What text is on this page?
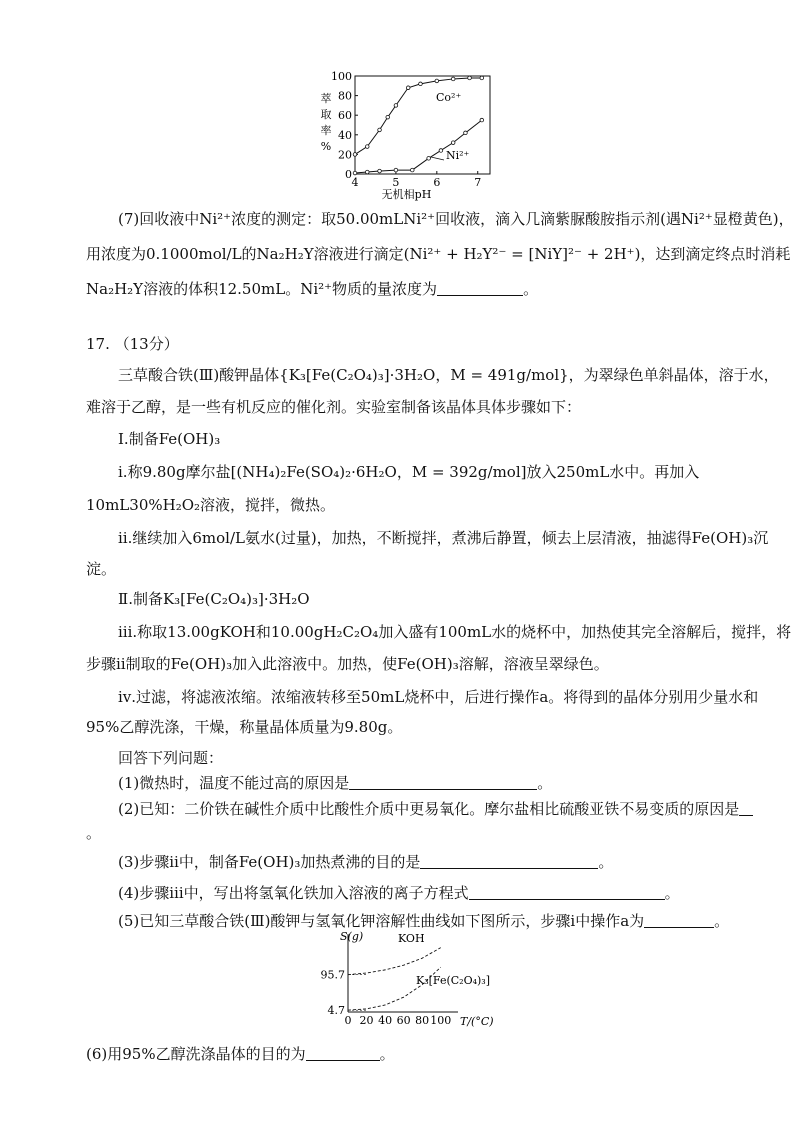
0
20
40
60
80
100
4	5	6	7
萃
取
率
%
无机相pH
Co²⁺
Ni²⁺
(7)回收液中Ni²⁺浓度的测定：取50.00mLNi²⁺回收液，滴入几滴紫脲酸胺指示剂(遇Ni²⁺显橙黄色)，
用浓度为0.1000mol/L的Na₂H₂Y溶液进行滴定(Ni²⁺ + H₂Y²⁻ = [NiY]²⁻ + 2H⁺)，达到滴定终点时消耗
Na₂H₂Y溶液的体积12.50mL。Ni²⁺物质的量浓度为	。
17. （13分）
三草酸合铁(Ⅲ)酸钾晶体{K₃[Fe(C₂O₄)₃]·3H₂O，M = 491g/mol}，为翠绿色单斜晶体，溶于水，
难溶于乙醇，是一些有机反应的催化剂。实验室制备该晶体具体步骤如下：
Ⅰ.制备Fe(OH)₃
ⅰ.称9.80g摩尔盐[(NH₄)₂Fe(SO₄)₂·6H₂O，M = 392g/mol]放入250mL水中。再加入
10mL30%H₂O₂溶液，搅拌，微热。
ⅱ.继续加入6mol/L氨水(过量)，加热，不断搅拌，煮沸后静置，倾去上层清液，抽滤得Fe(OH)₃沉
淀。
Ⅱ.制备K₃[Fe(C₂O₄)₃]·3H₂O
ⅲ.称取13.00gKOH和10.00gH₂C₂O₄加入盛有100mL水的烧杯中，加热使其完全溶解后，搅拌，将
步骤ⅱ制取的Fe(OH)₃加入此溶液中。加热，使Fe(OH)₃溶解，溶液呈翠绿色。
ⅳ.过滤，将滤液浓缩。浓缩液转移至50mL烧杯中，后进行操作a。将得到的晶体分别用少量水和
95%乙醇洗涤，干燥，称量晶体质量为9.80g。
回答下列问题：
(1)微热时，温度不能过高的原因是	。
(2)已知：二价铁在碱性介质中比酸性介质中更易氧化。摩尔盐相比硫酸亚铁不易变质的原因是
。
(3)步骤ⅱ中，制备Fe(OH)₃加热煮沸的目的是	。
(4)步骤ⅲ中，写出将氢氧化铁加入溶液的离子方程式	。
(5)已知三草酸合铁(Ⅲ)酸钾与氢氧化钾溶解性曲线如下图所示，步骤ⅰ中操作a为	。
S(g)
T/(°C)
4.7
95.7
0 20 40 60 80 100
KOH
K₃[Fe(C₂O₄)₃]
(6)用95%乙醇洗涤晶体的目的为	。
